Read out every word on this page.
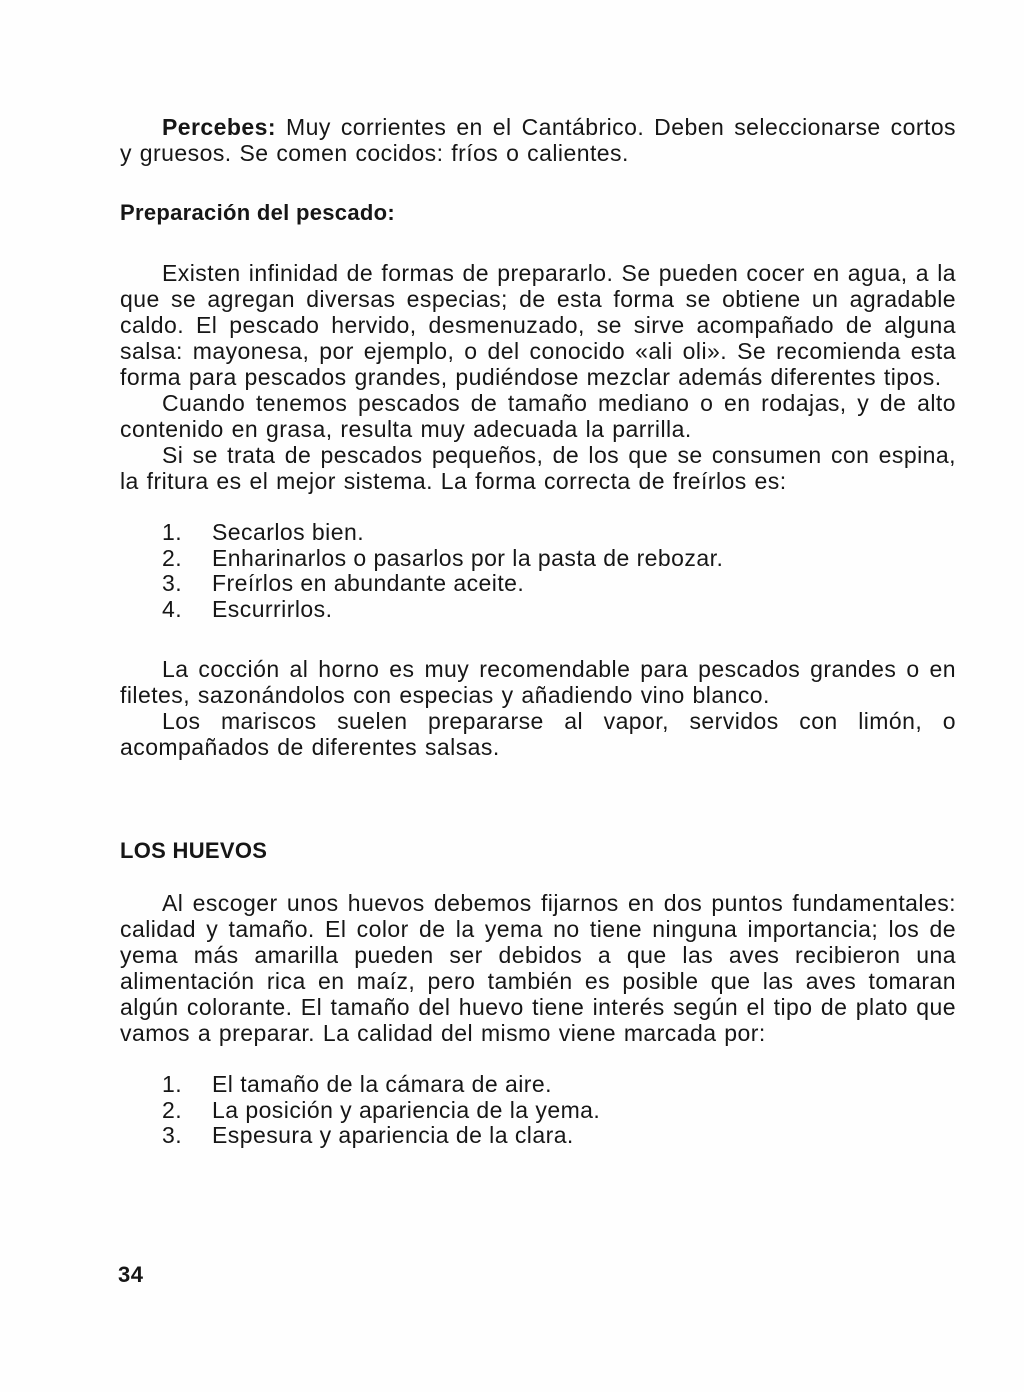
Percebes: Muy corrientes en el Cantábrico. Deben seleccionarse cortos y gruesos. Se comen cocidos: fríos o calientes.

Preparación del pescado:

Existen infinidad de formas de prepararlo. Se pueden cocer en agua, a la que se agregan diversas especias; de esta forma se obtiene un agradable caldo. El pescado hervido, desmenuzado, se sirve acompañado de alguna salsa: mayonesa, por ejemplo, o del conocido «ali oli». Se recomienda esta forma para pescados grandes, pudiéndose mezclar además diferentes tipos.

Cuando tenemos pescados de tamaño mediano o en rodajas, y de alto contenido en grasa, resulta muy adecuada la parrilla.

Si se trata de pescados pequeños, de los que se consumen con espina, la fritura es el mejor sistema. La forma correcta de freírlos es:

1.	Secarlos bien.
2.	Enharinarlos o pasarlos por la pasta de rebozar.
3.	Freírlos en abundante aceite.
4.	Escurrirlos.

La cocción al horno es muy recomendable para pescados grandes o en filetes, sazonándolos con especias y añadiendo vino blanco.

Los mariscos suelen prepararse al vapor, servidos con limón, o acompañados de diferentes salsas.

LOS HUEVOS

Al escoger unos huevos debemos fijarnos en dos puntos fundamentales: calidad y tamaño. El color de la yema no tiene ninguna importancia; los de yema más amarilla pueden ser debidos a que las aves recibieron una alimentación rica en maíz, pero también es posible que las aves tomaran algún colorante. El tamaño del huevo tiene interés según el tipo de plato que vamos a preparar. La calidad del mismo viene marcada por:

1.	El tamaño de la cámara de aire.
2.	La posición y apariencia de la yema.
3.	Espesura y apariencia de la clara.
34
